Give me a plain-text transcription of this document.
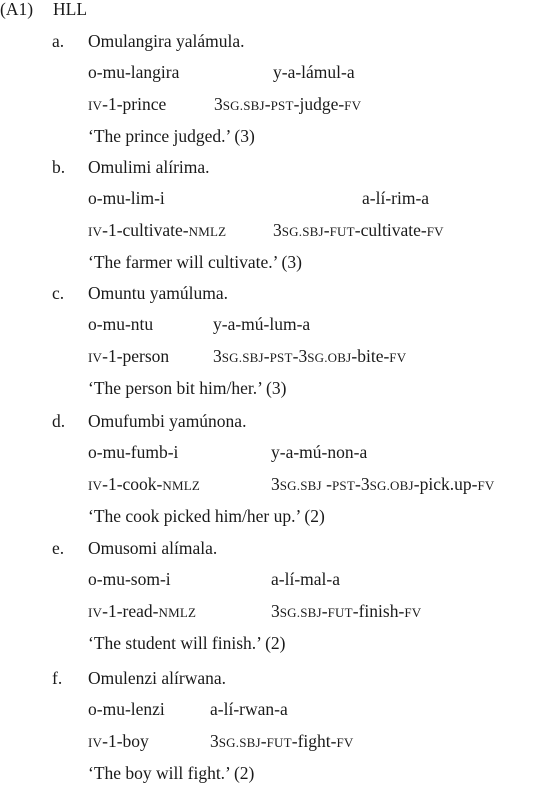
(A1) HLL
a. Omulangira yalámula.
o-mu-langira	y-a-lámul-a
IV-1-prince	3SG.SBJ-PST-judge-FV
‘The prince judged.’ (3)
b. Omulimi alírima.
o-mu-lim-i	a-lí-rim-a
IV-1-cultivate-NMLZ	3SG.SBJ-FUT-cultivate-FV
‘The farmer will cultivate.’ (3)
c. Omuntu yamúluma.
o-mu-ntu	y-a-mú-lum-a
IV-1-person	3SG.SBJ-PST-3SG.OBJ-bite-FV
‘The person bit him/her.’ (3)
d. Omufumbi yamúnona.
o-mu-fumb-i	y-a-mú-non-a
IV-1-cook-NMLZ	3SG.SBJ -PST-3SG.OBJ-pick.up-FV
‘The cook picked him/her up.’ (2)
e. Omusomi alímala.
o-mu-som-i	a-lí-mal-a
IV-1-read-NMLZ	3SG.SBJ-FUT-finish-FV
‘The student will finish.’ (2)
f. Omulenzi alírwana.
o-mu-lenzi	a-lí-rwan-a
IV-1-boy	3SG.SBJ-FUT-fight-FV
‘The boy will fight.’ (2)
